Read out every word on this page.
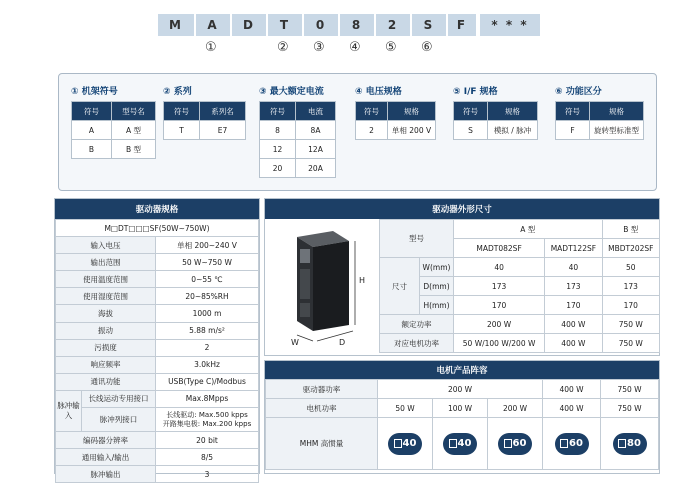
M	A	D	T	0	8	2	S	F	* * *
①	② ③ ④ ⑤ ⑥
① 机架符号
符号	型号名
A	A 型
B	B 型
② 系列
符号	系列名
T	E7
③ 最大额定电流
符号	电流
8	8A
12	12A
20	20A
④ 电压规格
符号	规格
2	单相 200 V
⑤ I/F 规格
符号	规格
S	模拟 / 脉冲
⑥ 功能区分
符号	规格
F	旋转型标准型
驱动器规格
M□DT□□□SF(50W~750W)		
输入电压		单相 200~240 V
输出范围		50 W~750 W
使用温度范围		0~55 ℃
使用湿度范围		20~85%RH
海拔		1000 m
振动		5.88 m/s²
污损度		2
响应频率		3.0kHz
通讯功能		USB(Type C)/Modbus
脉冲输入	长线运动专用接口	Max.8Mpps
	脉冲列接口	长线驱动: Max.500 kpps
开路集电极: Max.200 kpps

编码器分辨率		20 bit
通用输入/输出		8/5
脉冲输出		3
驱动器外形尺寸
H
W	D
型号		A 型		B 型
		MADT082SF	MADT122SF	MBDT202SF
尺寸	W(mm)	40	40	50
	D(mm)	173	173	173
	H(mm)	170	170	170
额定功率		200 W	400 W	750 W
对应电机功率		50 W/100 W/200 W	400 W	750 W
电机产品阵容
驱动器功率	200 W			400 W	750 W
电机功率	50 W	100 W	200 W	400 W	750 W
MHM 高惯量	40	40	60	60	80
